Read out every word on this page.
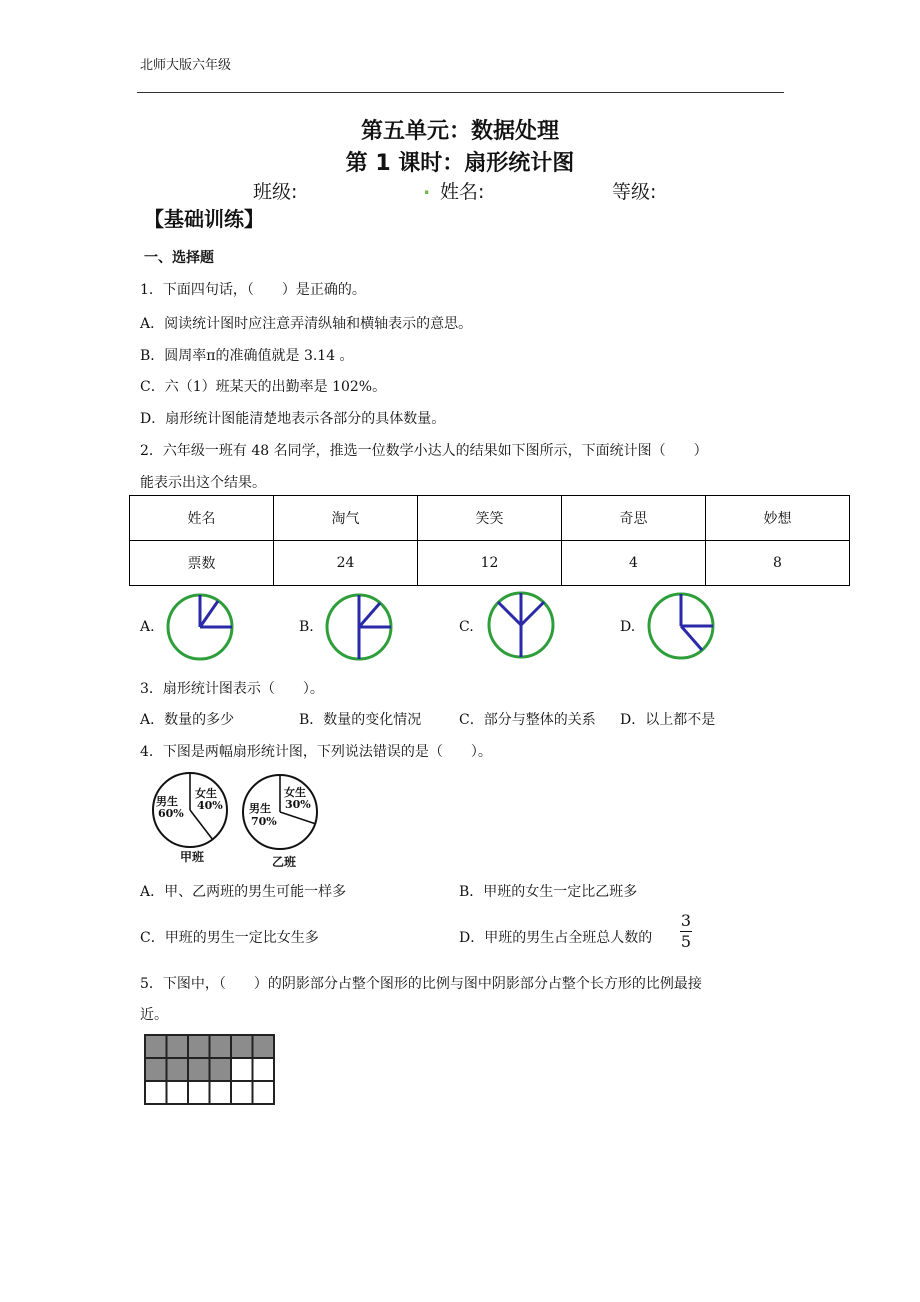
北师大版六年级
第五单元：数据处理
第 1 课时：扇形统计图
班级:	. 姓名:	等级:
【基础训练】
一、选择题
1．下面四句话，（　　）是正确的。
A．阅读统计图时应注意弄清纵轴和横轴表示的意思。
B．圆周率π的准确值就是 3.14 。
C．六（1）班某天的出勤率是 102%。
D．扇形统计图能清楚地表示各部分的具体数量。
2．六年级一班有 48 名同学，推选一位数学小达人的结果如下图所示，下面统计图（　　）
能表示出这个结果。
姓名	淘气	笑笑	奇思	妙想
票数	24	12	4	8
A.	B.	C.	D.
3．扇形统计图表示（　　）。
A．数量的多少	B．数量的变化情况	C．部分与整体的关系 D．以上都不是
4．下图是两幅扇形统计图，下列说法错误的是（　　）。
男生
60%
女生
40%
甲班
男生
70%
女生
30%
乙班
A．甲、乙两班的男生可能一样多	B．甲班的女生一定比乙班多
C．甲班的男生一定比女生多	D．甲班的男生占全班总人数的 $\frac{3}{5}$
5．下图中，（　　）的阴影部分占整个图形的比例与图中阴影部分占整个长方形的比例最接
近。
